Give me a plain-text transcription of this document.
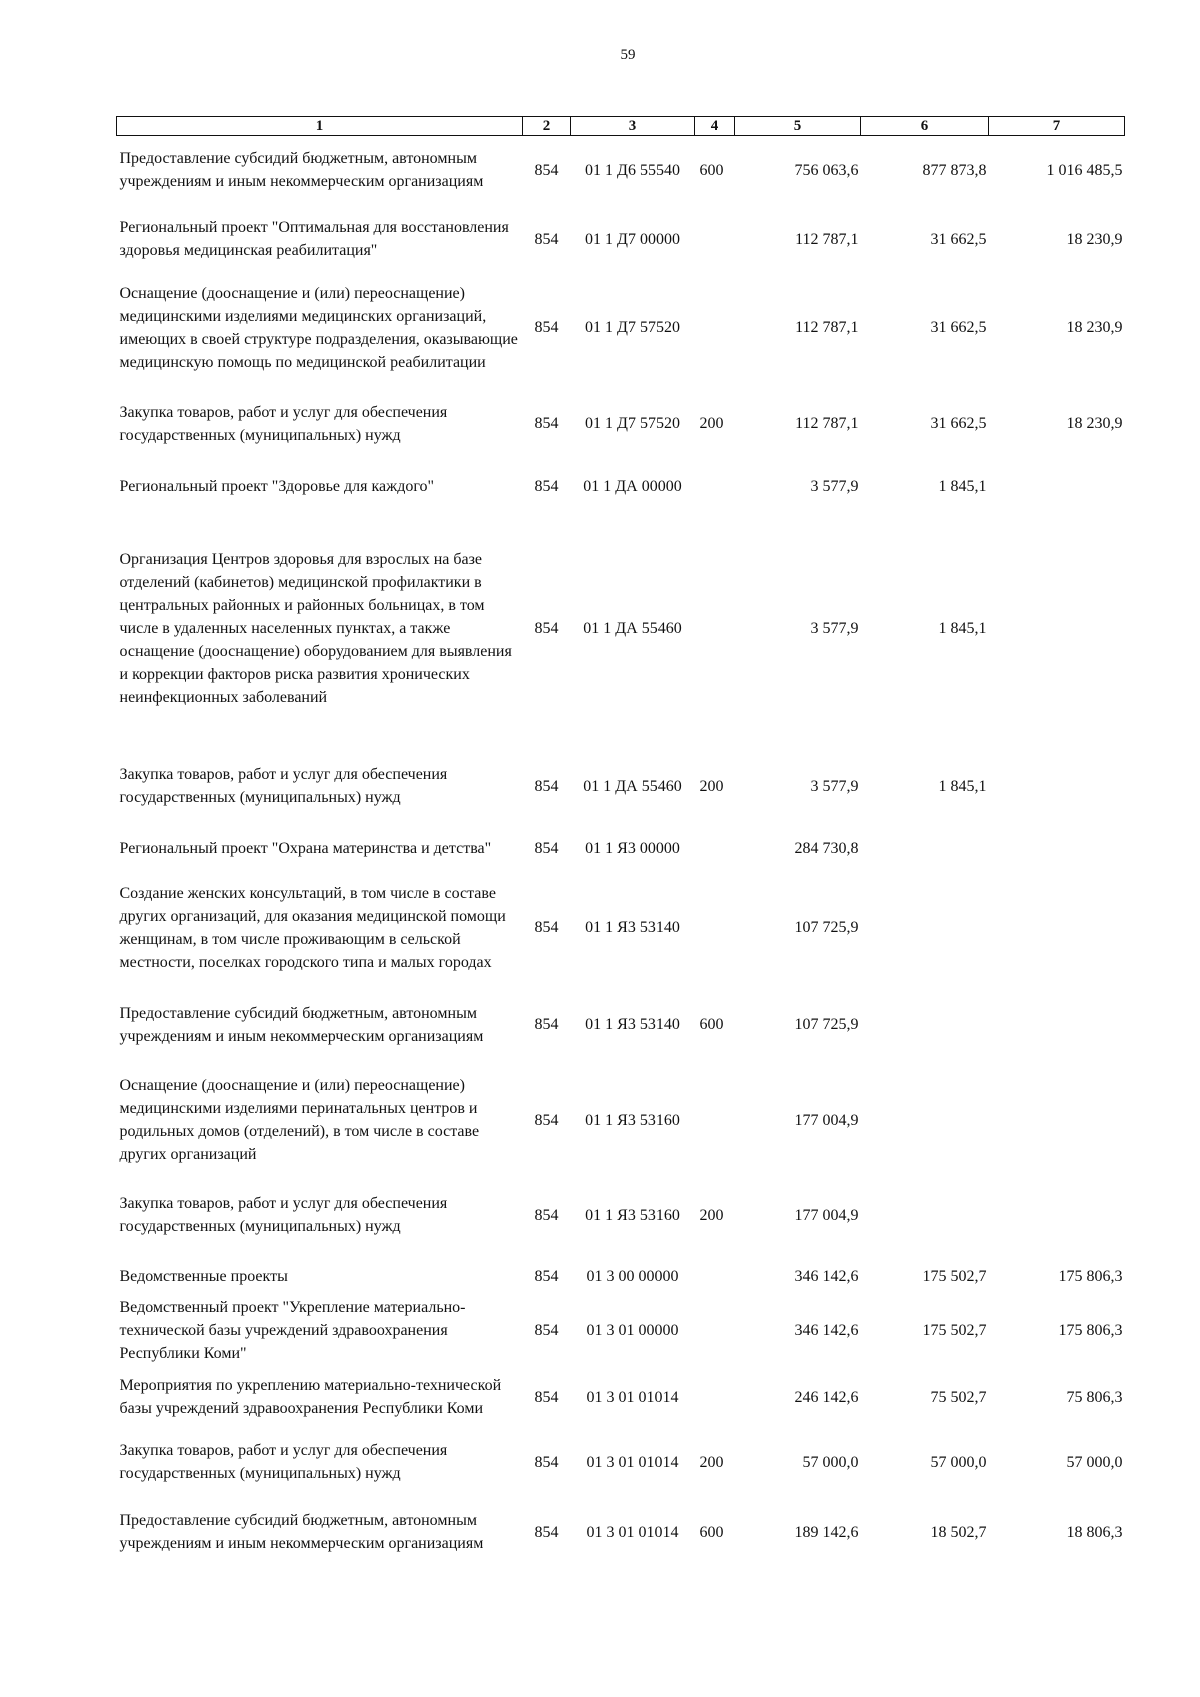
59
1	2	3	4	5	6	7
Предоставление субсидий бюджетным, автономным учреждениям и иным некоммерческим организациям	854	01 1 Д6 55540	600	756 063,6	877 873,8	1 016 485,5
Региональный проект "Оптимальная для восстановления здоровья медицинская реабилитация"	854	01 1 Д7 00000		112 787,1	31 662,5	18 230,9
Оснащение (дооснащение и (или) переоснащение) медицинскими изделиями медицинских организаций, имеющих в своей структуре подразделения, оказывающие медицинскую помощь по медицинской реабилитации	854	01 1 Д7 57520		112 787,1	31 662,5	18 230,9
Закупка товаров, работ и услуг для обеспечения государственных (муниципальных) нужд	854	01 1 Д7 57520	200	112 787,1	31 662,5	18 230,9
Региональный проект "Здоровье для каждого"	854	01 1 ДА 00000		3 577,9	1 845,1	
Организация Центров здоровья для взрослых на базе отделений (кабинетов) медицинской профилактики в центральных районных и районных больницах, в том числе в удаленных населенных пунктах, а также оснащение (дооснащение) оборудованием для выявления и коррекции факторов риска развития хронических неинфекционных заболеваний	854	01 1 ДА 55460		3 577,9	1 845,1	
Закупка товаров, работ и услуг для обеспечения государственных (муниципальных) нужд	854	01 1 ДА 55460	200	3 577,9	1 845,1	
Региональный проект "Охрана материнства и детства"	854	01 1 Я3 00000		284 730,8		
Создание женских консультаций, в том числе в составе других организаций, для оказания медицинской помощи женщинам, в том числе проживающим в сельской местности, поселках городского типа и малых городах	854	01 1 Я3 53140		107 725,9		
Предоставление субсидий бюджетным, автономным учреждениям и иным некоммерческим организациям	854	01 1 Я3 53140	600	107 725,9		
Оснащение (дооснащение и (или) переоснащение) медицинскими изделиями перинатальных центров и родильных домов (отделений), в том числе в составе других организаций	854	01 1 Я3 53160		177 004,9		
Закупка товаров, работ и услуг для обеспечения государственных (муниципальных) нужд	854	01 1 Я3 53160	200	177 004,9		
Ведомственные проекты	854	01 3 00 00000		346 142,6	175 502,7	175 806,3
Ведомственный проект "Укрепление материально-технической базы учреждений здравоохранения Республики Коми"	854	01 3 01 00000		346 142,6	175 502,7	175 806,3
Мероприятия по укреплению материально-технической базы учреждений здравоохранения Республики Коми	854	01 3 01 01014		246 142,6	75 502,7	75 806,3
Закупка товаров, работ и услуг для обеспечения государственных (муниципальных) нужд	854	01 3 01 01014	200	57 000,0	57 000,0	57 000,0
Предоставление субсидий бюджетным, автономным учреждениям и иным некоммерческим организациям	854	01 3 01 01014	600	189 142,6	18 502,7	18 806,3
